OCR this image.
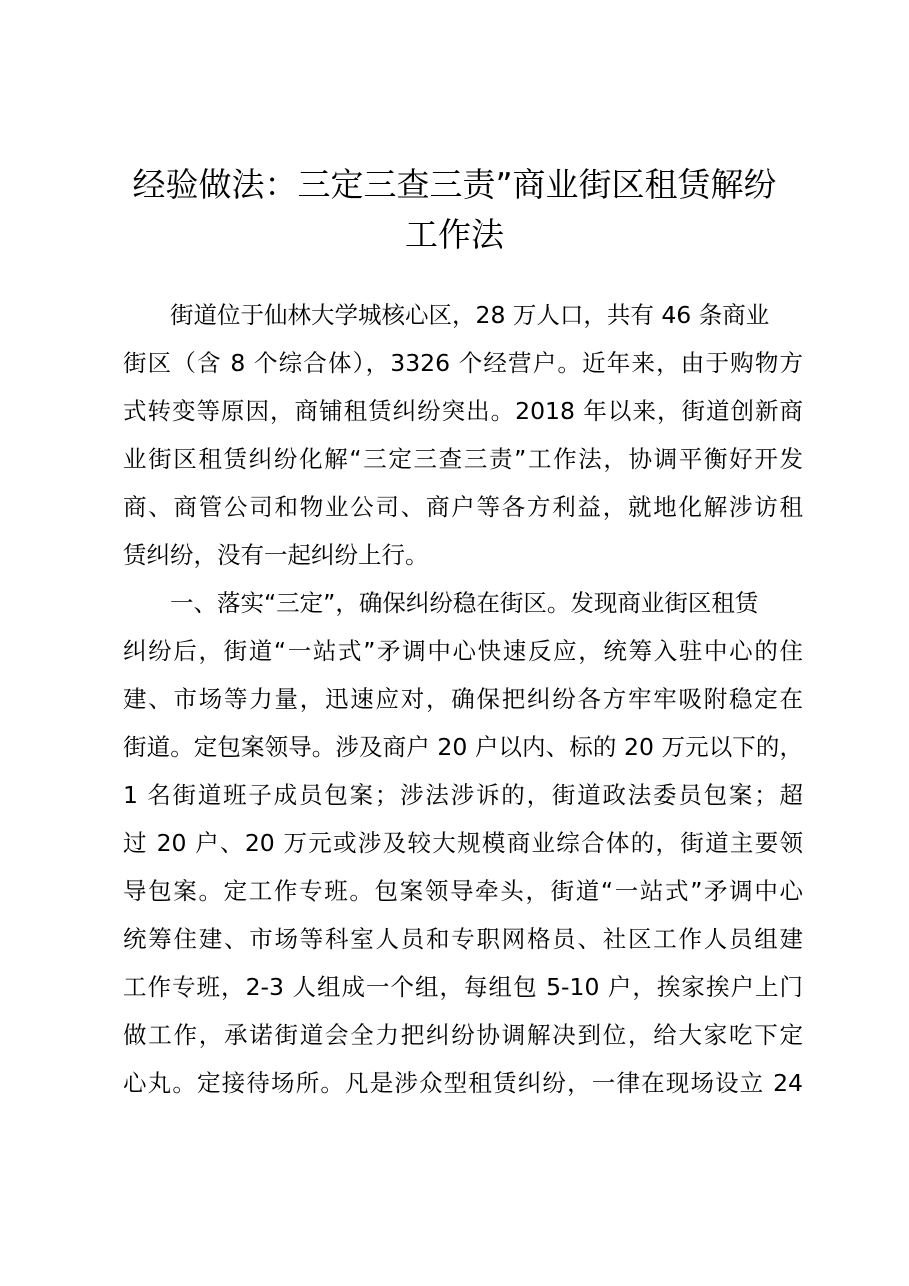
经验做法：三定三查三责”商业街区租赁解纷
工作法

街道位于仙林大学城核心区，28 万人口，共有 46 条商业

街区（含 8 个综合体），3326 个经营户。近年来，由于购物方

式转变等原因，商铺租赁纠纷突出。2018 年以来，街道创新商

业街区租赁纠纷化解“三定三查三责”工作法，协调平衡好开发

商、商管公司和物业公司、商户等各方利益，就地化解涉访租

赁纠纷，没有一起纠纷上行。

一、落实“三定”，确保纠纷稳在街区。发现商业街区租赁

纠纷后，街道“一站式”矛调中心快速反应，统筹入驻中心的住

建、市场等力量，迅速应对，确保把纠纷各方牢牢吸附稳定在

街道。定包案领导。涉及商户 20 户以内、标的 20 万元以下的，

1 名街道班子成员包案；涉法涉诉的，街道政法委员包案；超

过 20 户、20 万元或涉及较大规模商业综合体的，街道主要领

导包案。定工作专班。包案领导牵头，街道“一站式”矛调中心

统筹住建、市场等科室人员和专职网格员、社区工作人员组建

工作专班，2-3 人组成一个组，每组包 5-10 户，挨家挨户上门

做工作，承诺街道会全力把纠纷协调解决到位，给大家吃下定

心丸。定接待场所。凡是涉众型租赁纠纷，一律在现场设立 24
